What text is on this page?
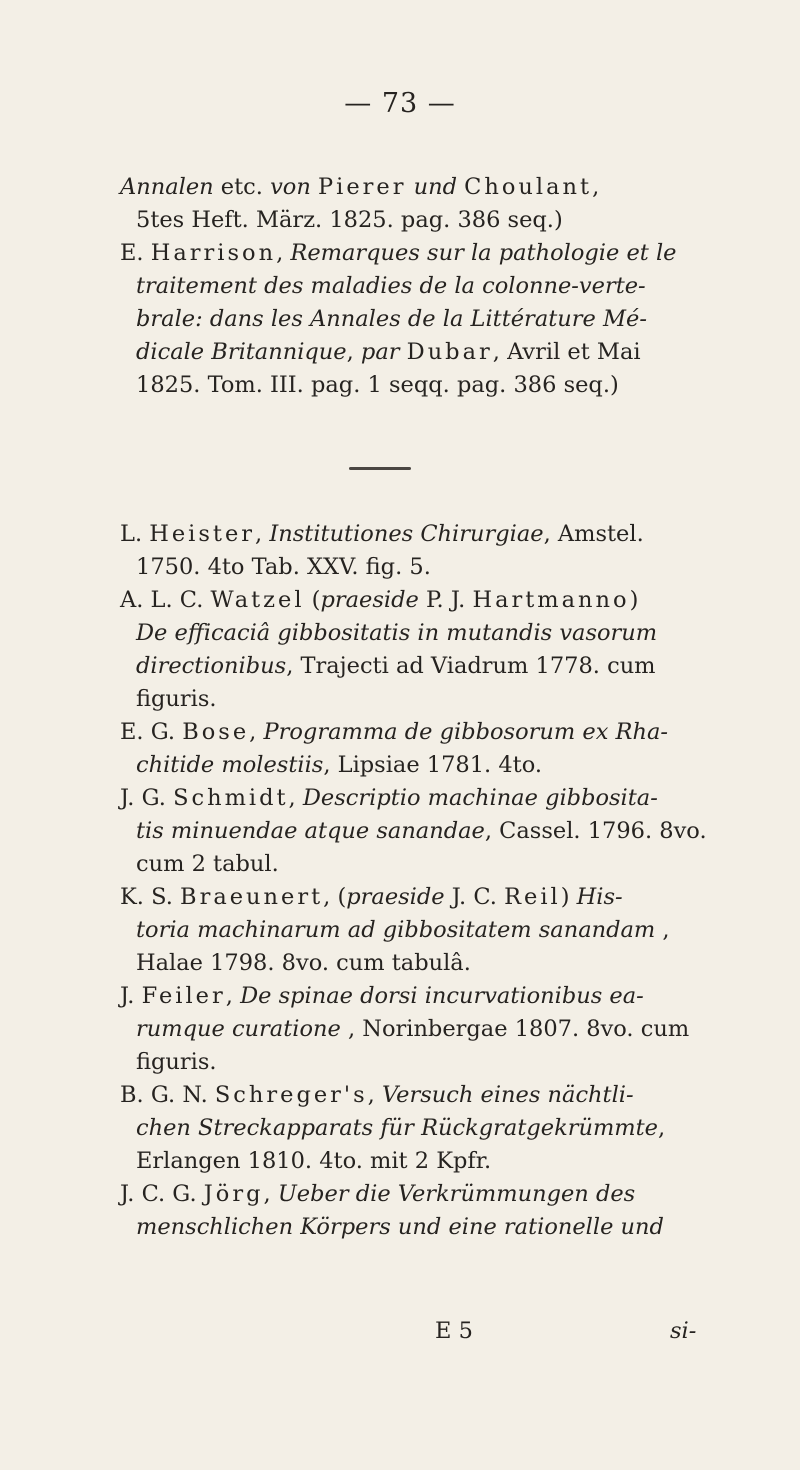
— 73 —
Annalen etc. von Pierer und Choulant,
5tes Heft. März. 1825. pag. 386 seq.)
E. Harrison, Remarques sur la pathologie et le
traitement des maladies de la colonne-verte-
brale: dans les Annales de la Littérature Mé-
dicale Britannique, par Dubar, Avril et Mai
1825. Tom. III. pag. 1 seqq. pag. 386 seq.)
L. Heister, Institutiones Chirurgiae, Amstel.
1750. 4to Tab. XXV. fig. 5.
A. L. C. Watzel (praeside P. J. Hartmanno)
De efficaciâ gibbositatis in mutandis vasorum
directionibus, Trajecti ad Viadrum 1778. cum
figuris.
E. G. Bose, Programma de gibbosorum ex Rha-
chitide molestiis, Lipsiae 1781. 4to.
J. G. Schmidt, Descriptio machinae gibbosita-
tis minuendae atque sanandae, Cassel. 1796. 8vo.
cum 2 tabul.
K. S. Braeunert, (praeside J. C. Reil) His-
toria machinarum ad gibbositatem sanandam ,
Halae 1798. 8vo. cum tabulâ.
J. Feiler, De spinae dorsi incurvationibus ea-
rumque curatione , Norinbergae 1807. 8vo. cum
figuris.
B. G. N. Schreger's, Versuch eines nächtli-
chen Streckapparats für Rückgratgekrümmte,
Erlangen 1810. 4to. mit 2 Kpfr.
J. C. G. Jörg, Ueber die Verkrümmungen des
menschlichen Körpers und eine rationelle und
E 5	si-
